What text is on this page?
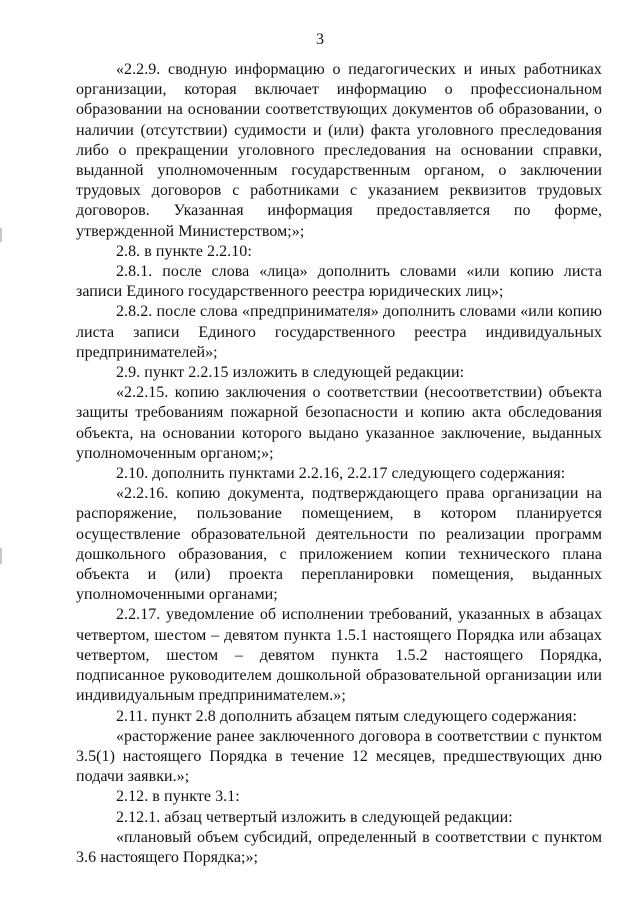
3

«2.2.9. сводную информацию о педагогических и иных работниках организации, которая включает информацию о профессиональном образовании на основании соответствующих документов об образовании, о наличии (отсутствии) судимости и (или) факта уголовного преследования либо о прекращении уголовного преследования на основании справки, выданной уполномоченным государственным органом, о заключении трудовых договоров с работниками с указанием реквизитов трудовых договоров. Указанная информация предоставляется по форме, утвержденной Министерством;»;

2.8. в пункте 2.2.10:

2.8.1. после слова «лица» дополнить словами «или копию листа записи Единого государственного реестра юридических лиц»;

2.8.2. после слова «предпринимателя» дополнить словами «или копию листа записи Единого государственного реестра индивидуальных предпринимателей»;

2.9. пункт 2.2.15 изложить в следующей редакции:

«2.2.15. копию заключения о соответствии (несоответствии) объекта защиты требованиям пожарной безопасности и копию акта обследования объекта, на основании которого выдано указанное заключение, выданных уполномоченным органом;»;

2.10. дополнить пунктами 2.2.16, 2.2.17 следующего содержания:

«2.2.16. копию документа, подтверждающего права организации на распоряжение, пользование помещением, в котором планируется осуществление образовательной деятельности по реализации программ дошкольного образования, с приложением копии технического плана объекта и (или) проекта перепланировки помещения, выданных уполномоченными органами;

2.2.17. уведомление об исполнении требований, указанных в абзацах четвертом, шестом – девятом пункта 1.5.1 настоящего Порядка или абзацах четвертом, шестом – девятом пункта 1.5.2 настоящего Порядка, подписанное руководителем дошкольной образовательной организации или индивидуальным предпринимателем.»;

2.11. пункт 2.8 дополнить абзацем пятым следующего содержания:

«расторжение ранее заключенного договора в соответствии с пунктом 3.5(1) настоящего Порядка в течение 12 месяцев, предшествующих дню подачи заявки.»;

2.12. в пункте 3.1:

2.12.1. абзац четвертый изложить в следующей редакции:

«плановый объем субсидий, определенный в соответствии с пунктом 3.6 настоящего Порядка;»;
